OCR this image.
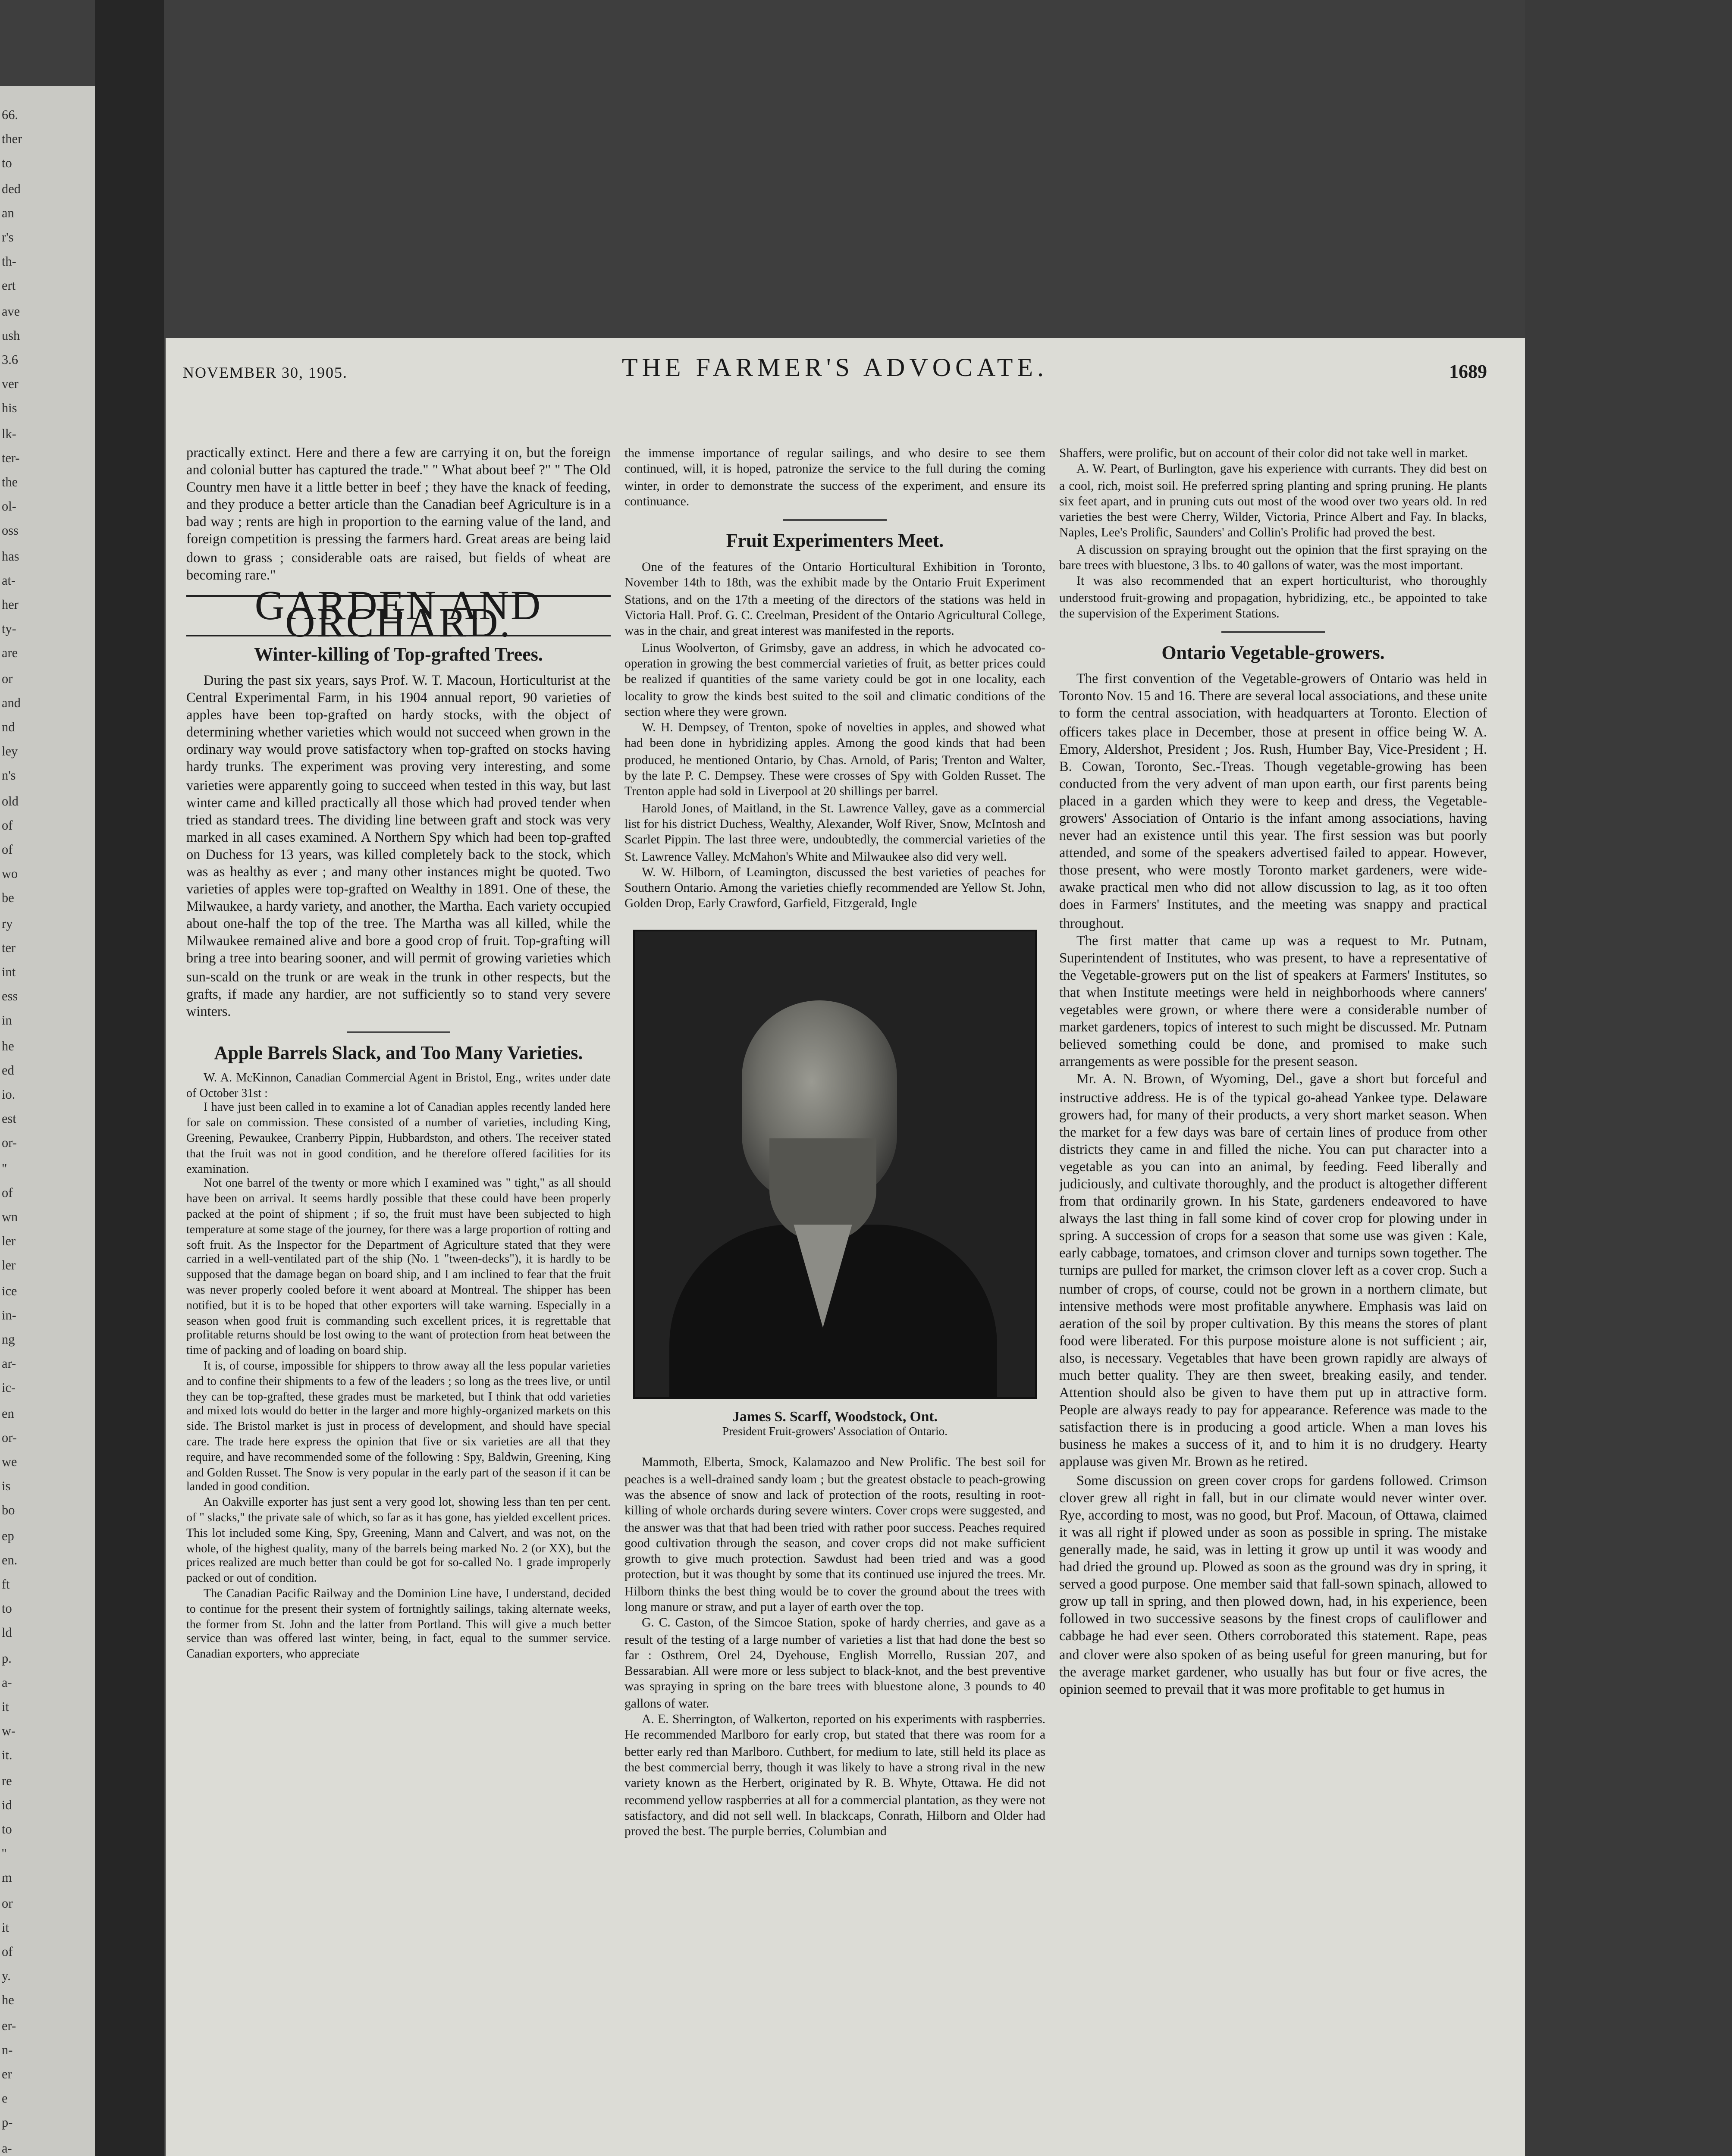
66.
ther
to
ded
an
r's
th-
ert
ave
ush
3.6
ver
his
lk-
ter-
the
ol-
oss
has
at-
her
ty-
are
or
and
nd
ley
n's
old
of
of
wo
be
ry
ter
int
ess
in
he
ed
io.
est
or-
"
of
wn
ler
ler
ice
in-
ng
ar-
ic-
en
or-
we
is
bo
ep
en.
ft
to
ld
p.
a-
it
w-
it.
re
id
to
''
m
or
it
of
y.
he
er-
n-
er
e
p-
a-
NOVEMBER 30, 1905.	THE FARMER'S ADVOCATE.	1689

practically extinct. Here and there a few are carrying it on, but the foreign and colonial butter has captured the trade." " What about beef ?" " The Old Country men have it a little better in beef ; they have the knack of feeding, and they produce a better article than the Canadian beef Agriculture is in a bad way ; rents are high in proportion to the earning value of the land, and foreign competition is pressing the farmers hard. Great areas are being laid down to grass ; considerable oats are raised, but fields of wheat are becoming rare."

GARDEN AND ORCHARD.
Winter-killing of Top-grafted Trees.

During the past six years, says Prof. W. T. Macoun, Horticulturist at the Central Experimental Farm, in his 1904 annual report, 90 varieties of apples have been top-grafted on hardy stocks, with the object of determining whether varieties which would not succeed when grown in the ordinary way would prove satisfactory when top-grafted on stocks having hardy trunks. The experiment was proving very interesting, and some varieties were apparently going to succeed when tested in this way, but last winter came and killed practically all those which had proved tender when tried as standard trees. The dividing line between graft and stock was very marked in all cases examined. A Northern Spy which had been top-grafted on Duchess for 13 years, was killed completely back to the stock, which was as healthy as ever ; and many other instances might be quoted. Two varieties of apples were top-grafted on Wealthy in 1891. One of these, the Milwaukee, a hardy variety, and another, the Martha. Each variety occupied about one-half the top of the tree. The Martha was all killed, while the Milwaukee remained alive and bore a good crop of fruit. Top-grafting will bring a tree into bearing sooner, and will permit of growing varieties which sun-scald on the trunk or are weak in the trunk in other respects, but the grafts, if made any hardier, are not sufficiently so to stand very severe winters.

Apple Barrels Slack, and Too Many Varieties.

W. A. McKinnon, Canadian Commercial Agent in Bristol, Eng., writes under date of October 31st :

I have just been called in to examine a lot of Canadian apples recently landed here for sale on commission. These consisted of a number of varieties, including King, Greening, Pewaukee, Cranberry Pippin, Hubbardston, and others. The receiver stated that the fruit was not in good condition, and he therefore offered facilities for its examination.

Not one barrel of the twenty or more which I examined was " tight," as all should have been on arrival. It seems hardly possible that these could have been properly packed at the point of shipment ; if so, the fruit must have been subjected to high temperature at some stage of the journey, for there was a large proportion of rotting and soft fruit. As the Inspector for the Department of Agriculture stated that they were carried in a well-ventilated part of the ship (No. 1 "tween-decks"), it is hardly to be supposed that the damage began on board ship, and I am inclined to fear that the fruit was never properly cooled before it went aboard at Montreal. The shipper has been notified, but it is to be hoped that other exporters will take warning. Especially in a season when good fruit is commanding such excellent prices, it is regrettable that profitable returns should be lost owing to the want of protection from heat between the time of packing and of loading on board ship.

It is, of course, impossible for shippers to throw away all the less popular varieties and to confine their shipments to a few of the leaders ; so long as the trees live, or until they can be top-grafted, these grades must be marketed, but I think that odd varieties and mixed lots would do better in the larger and more highly-organized markets on this side. The Bristol market is just in process of development, and should have special care. The trade here express the opinion that five or six varieties are all that they require, and have recommended some of the following : Spy, Baldwin, Greening, King and Golden Russet. The Snow is very popular in the early part of the season if it can be landed in good condition.

An Oakville exporter has just sent a very good lot, showing less than ten per cent. of " slacks," the private sale of which, so far as it has gone, has yielded excellent prices. This lot included some King, Spy, Greening, Mann and Calvert, and was not, on the whole, of the highest quality, many of the barrels being marked No. 2 (or XX), but the prices realized are much better than could be got for so-called No. 1 grade improperly packed or out of condition.

The Canadian Pacific Railway and the Dominion Line have, I understand, decided to continue for the present their system of fortnightly sailings, taking alternate weeks, the former from St. John and the latter from Portland. This will give a much better service than was offered last winter, being, in fact, equal to the summer service. Canadian exporters, who appreciate

the immense importance of regular sailings, and who desire to see them continued, will, it is hoped, patronize the service to the full during the coming winter, in order to demonstrate the success of the experiment, and ensure its continuance.

Fruit Experimenters Meet.

One of the features of the Ontario Horticultural Exhibition in Toronto, November 14th to 18th, was the exhibit made by the Ontario Fruit Experiment Stations, and on the 17th a meeting of the directors of the stations was held in Victoria Hall. Prof. G. C. Creelman, President of the Ontario Agricultural College, was in the chair, and great interest was manifested in the reports.

Linus Woolverton, of Grimsby, gave an address, in which he advocated co-operation in growing the best commercial varieties of fruit, as better prices could be realized if quantities of the same variety could be got in one locality, each locality to grow the kinds best suited to the soil and climatic conditions of the section where they were grown.

W. H. Dempsey, of Trenton, spoke of novelties in apples, and showed what had been done in hybridizing apples. Among the good kinds that had been produced, he mentioned Ontario, by Chas. Arnold, of Paris; Trenton and Walter, by the late P. C. Dempsey. These were crosses of Spy with Golden Russet. The Trenton apple had sold in Liverpool at 20 shillings per barrel.

Harold Jones, of Maitland, in the St. Lawrence Valley, gave as a commercial list for his district Duchess, Wealthy, Alexander, Wolf River, Snow, McIntosh and Scarlet Pippin. The last three were, undoubtedly, the commercial varieties of the St. Lawrence Valley. McMahon's White and Milwaukee also did very well.

W. W. Hilborn, of Leamington, discussed the best varieties of peaches for Southern Ontario. Among the varieties chiefly recommended are Yellow St. John, Golden Drop, Early Crawford, Garfield, Fitzgerald, Ingle

James S. Scarff, Woodstock, Ont.
President Fruit-growers' Association of Ontario.

Mammoth, Elberta, Smock, Kalamazoo and New Prolific. The best soil for peaches is a well-drained sandy loam ; but the greatest obstacle to peach-growing was the absence of snow and lack of protection of the roots, resulting in root-killing of whole orchards during severe winters. Cover crops were suggested, and the answer was that that had been tried with rather poor success. Peaches required good cultivation through the season, and cover crops did not make sufficient growth to give much protection. Sawdust had been tried and was a good protection, but it was thought by some that its continued use injured the trees. Mr. Hilborn thinks the best thing would be to cover the ground about the trees with long manure or straw, and put a layer of earth over the top.

G. C. Caston, of the Simcoe Station, spoke of hardy cherries, and gave as a result of the testing of a large number of varieties a list that had done the best so far : Osthrem, Orel 24, Dyehouse, English Morrello, Russian 207, and Bessarabian. All were more or less subject to black-knot, and the best preventive was spraying in spring on the bare trees with bluestone alone, 3 pounds to 40 gallons of water.

A. E. Sherrington, of Walkerton, reported on his experiments with raspberries. He recommended Marlboro for early crop, but stated that there was room for a better early red than Marlboro. Cuthbert, for medium to late, still held its place as the best commercial berry, though it was likely to have a strong rival in the new variety known as the Herbert, originated by R. B. Whyte, Ottawa. He did not recommend yellow raspberries at all for a commercial plantation, as they were not satisfactory, and did not sell well. In blackcaps, Conrath, Hilborn and Older had proved the best. The purple berries, Columbian and

Shaffers, were prolific, but on account of their color did not take well in market.

A. W. Peart, of Burlington, gave his experience with currants. They did best on a cool, rich, moist soil. He preferred spring planting and spring pruning. He plants six feet apart, and in pruning cuts out most of the wood over two years old. In red varieties the best were Cherry, Wilder, Victoria, Prince Albert and Fay. In blacks, Naples, Lee's Prolific, Saunders' and Collin's Prolific had proved the best.

A discussion on spraying brought out the opinion that the first spraying on the bare trees with bluestone, 3 lbs. to 40 gallons of water, was the most important.

It was also recommended that an expert horticulturist, who thoroughly understood fruit-growing and propagation, hybridizing, etc., be appointed to take the supervision of the Experiment Stations.

Ontario Vegetable-growers.

The first convention of the Vegetable-growers of Ontario was held in Toronto Nov. 15 and 16. There are several local associations, and these unite to form the central association, with headquarters at Toronto. Election of officers takes place in December, those at present in office being W. A. Emory, Aldershot, President ; Jos. Rush, Humber Bay, Vice-President ; H. B. Cowan, Toronto, Sec.-Treas. Though vegetable-growing has been conducted from the very advent of man upon earth, our first parents being placed in a garden which they were to keep and dress, the Vegetable-growers' Association of Ontario is the infant among associations, having never had an existence until this year. The first session was but poorly attended, and some of the speakers advertised failed to appear. However, those present, who were mostly Toronto market gardeners, were wide-awake practical men who did not allow discussion to lag, as it too often does in Farmers' Institutes, and the meeting was snappy and practical throughout.

The first matter that came up was a request to Mr. Putnam, Superintendent of Institutes, who was present, to have a representative of the Vegetable-growers put on the list of speakers at Farmers' Institutes, so that when Institute meetings were held in neighborhoods where canners' vegetables were grown, or where there were a considerable number of market gardeners, topics of interest to such might be discussed. Mr. Putnam believed something could be done, and promised to make such arrangements as were possible for the present season.

Mr. A. N. Brown, of Wyoming, Del., gave a short but forceful and instructive address. He is of the typical go-ahead Yankee type. Delaware growers had, for many of their products, a very short market season. When the market for a few days was bare of certain lines of produce from other districts they came in and filled the niche. You can put character into a vegetable as you can into an animal, by feeding. Feed liberally and judiciously, and cultivate thoroughly, and the product is altogether different from that ordinarily grown. In his State, gardeners endeavored to have always the last thing in fall some kind of cover crop for plowing under in spring. A succession of crops for a season that some use was given : Kale, early cabbage, tomatoes, and crimson clover and turnips sown together. The turnips are pulled for market, the crimson clover left as a cover crop. Such a number of crops, of course, could not be grown in a northern climate, but intensive methods were most profitable anywhere. Emphasis was laid on aeration of the soil by proper cultivation. By this means the stores of plant food were liberated. For this purpose moisture alone is not sufficient ; air, also, is necessary. Vegetables that have been grown rapidly are always of much better quality. They are then sweet, breaking easily, and tender. Attention should also be given to have them put up in attractive form. People are always ready to pay for appearance. Reference was made to the satisfaction there is in producing a good article. When a man loves his business he makes a success of it, and to him it is no drudgery. Hearty applause was given Mr. Brown as he retired.

Some discussion on green cover crops for gardens followed. Crimson clover grew all right in fall, but in our climate would never winter over. Rye, according to most, was no good, but Prof. Macoun, of Ottawa, claimed it was all right if plowed under as soon as possible in spring. The mistake generally made, he said, was in letting it grow up until it was woody and had dried the ground up. Plowed as soon as the ground was dry in spring, it served a good purpose. One member said that fall-sown spinach, allowed to grow up tall in spring, and then plowed down, had, in his experience, been followed in two successive seasons by the finest crops of cauliflower and cabbage he had ever seen. Others corroborated this statement. Rape, peas and clover were also spoken of as being useful for green manuring, but for the average market gardener, who usually has but four or five acres, the opinion seemed to prevail that it was more profitable to get humus in
